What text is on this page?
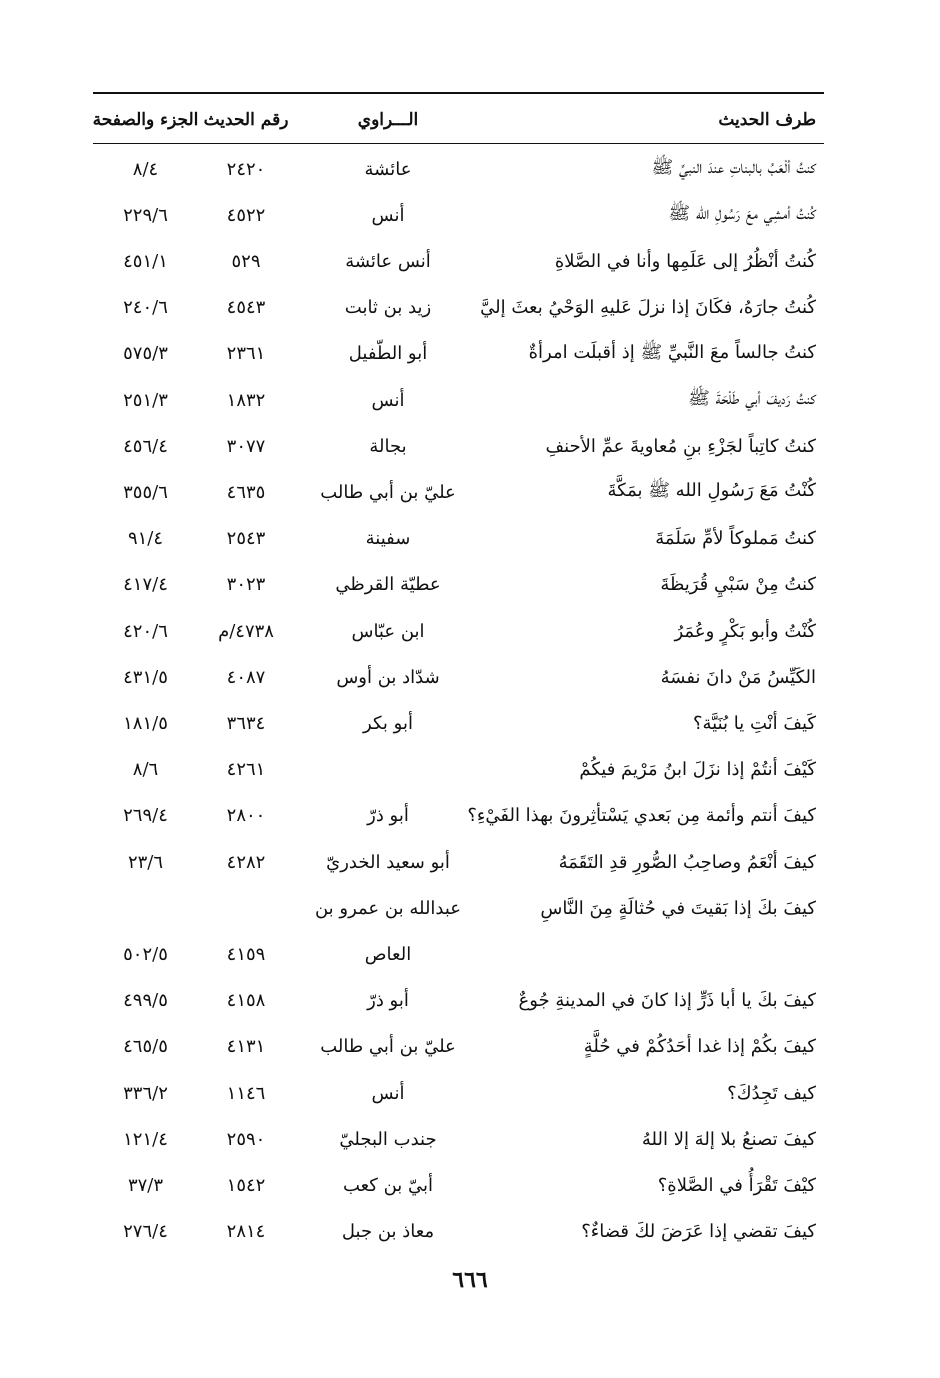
طرف الحديث
الـــراوي
رقم الحديث
الجزء والصفحة
كنتُ ألْعَبُ بالبناتِ عندَ النبيِّ ﷺ
عائشة
٢٤٢٠
٨/٤
كُنتُ أمشِي معَ رَسُولِ الله ﷺ
أنس
٤٥٢٢
٢٢٩/٦
كُنتُ أنْظُرُ إلى عَلَمِها وأنا في الصَّلاةِ
أنس عائشة
٥٢٩
٤٥١/١
كُنتُ جارَهُ، فكَانَ إذا نزلَ عَليهِ الوَحْيُ بعثَ إليَّ
زيد بن ثابت
٤٥٤٣
٢٤٠/٦
كنتُ جالساً معَ النَّبيِّ ﷺ إذ أقبلَت امرأةٌ
أبو الطّفيل
٢٣٦١
٥٧٥/٣
كنتُ رَديفَ أبي طَلْحَةَ ﷺ
أنس
١٨٣٢
٢٥١/٣
كنتُ كاتِباً لجَزْءِ بنِ مُعاويةَ عمِّ الأحنفِ
بجالة
٣٠٧٧
٤٥٦/٤
كُنْتُ مَعَ رَسُولِ الله ﷺ بمَكَّةَ
عليّ بن أبي طالب
٤٦٣٥
٣٥٥/٦
كنتُ مَملوكاً لأمِّ سَلَمَةَ
سفينة
٢٥٤٣
٩١/٤
كنتُ مِنْ سَبْيِ قُرَيظَةَ
عطيّة القرظي
٣٠٢٣
٤١٧/٤
كُنْتُ وأبو بَكْرٍ وعُمَرُ
ابن عبّاس
٤٧٣٨/م
٤٢٠/٦
الكَيِّسُ مَنْ دانَ نفسَهُ
شدّاد بن أوس
٤٠٨٧
٤٣١/٥
كَيفَ أنْتِ يا بُنَيَّة؟
أبو بكر
٣٦٣٤
١٨١/٥
كَيْفَ أنتُمْ إذا نزَلَ ابنُ مَرْيمَ فيكُمْ
٤٢٦١
٨/٦
كيفَ أنتم وأئمة مِن بَعدي يَسْتأثِرونَ بهذا الفَيْءِ؟
أبو ذرّ
٢٨٠٠
٢٦٩/٤
كيفَ أنْعَمُ وصاحِبُ الصُّورِ قدِ التَقَمَهُ
أبو سعيد الخدريّ
٤٢٨٢
٢٣/٦
كيفَ بكَ إذا بَقيتَ في حُثالَةٍ مِنَ النَّاسِ
عبدالله بن عمرو بن
العاص
٤١٥٩
٥٠٢/٥
كيفَ بكَ يا أبا ذَرٍّ إذا كانَ في المدينةِ جُوعٌ
أبو ذرّ
٤١٥٨
٤٩٩/٥
كيفَ بكُمْ إذا غدا أحَدُكُمْ في حُلَّةٍ
عليّ بن أبي طالب
٤١٣١
٤٦٥/٥
كيف تَجِدُكَ؟
أنس
١١٤٦
٣٣٦/٢
كيفَ تصنعُ بلا إلهَ إلا اللهُ
جندب البجليّ
٢٥٩٠
١٢١/٤
كيْفَ تَقْرَأُ في الصَّلاةِ؟
أبيّ بن كعب
١٥٤٢
٣٧/٣
كيفَ تقضي إذا عَرَضَ لكَ قضاءٌ؟
معاذ بن جبل
٢٨١٤
٢٧٦/٤
٦٦٦
